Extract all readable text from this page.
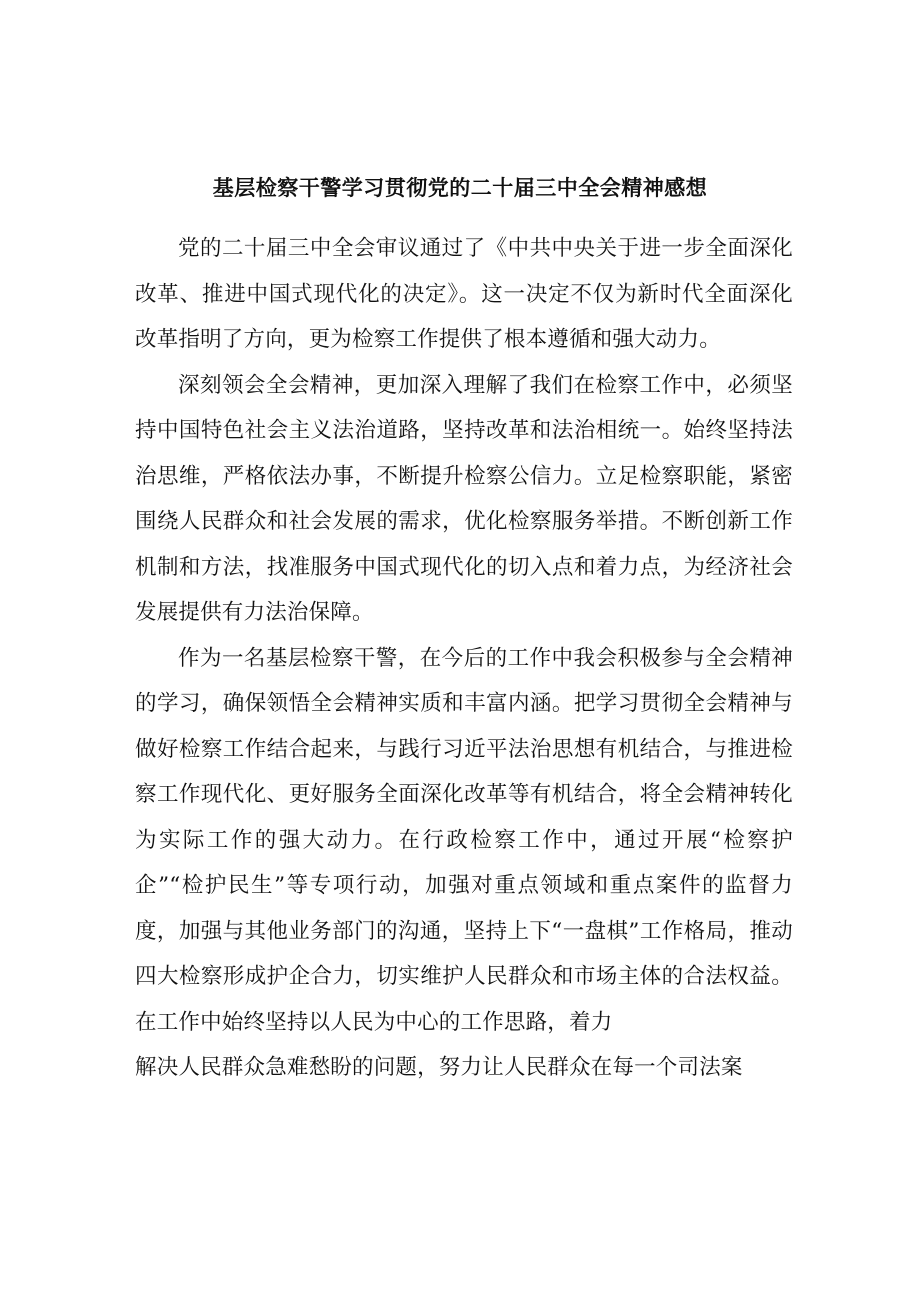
基层检察干警学习贯彻党的二十届三中全会精神感想

党的二十届三中全会审议通过了《中共中央关于进一步全面深化改革、推进中国式现代化的决定》。这一决定不仅为新时代全面深化改革指明了方向，更为检察工作提供了根本遵循和强大动力。

深刻领会全会精神，更加深入理解了我们在检察工作中，必须坚持中国特色社会主义法治道路，坚持改革和法治相统一。始终坚持法治思维，严格依法办事，不断提升检察公信力。立足检察职能，紧密围绕人民群众和社会发展的需求，优化检察服务举措。不断创新工作机制和方法，找准服务中国式现代化的切入点和着力点，为经济社会发展提供有力法治保障。

作为一名基层检察干警，在今后的工作中我会积极参与全会精神的学习，确保领悟全会精神实质和丰富内涵。把学习贯彻全会精神与做好检察工作结合起来，与践行习近平法治思想有机结合，与推进检察工作现代化、更好服务全面深化改革等有机结合，将全会精神转化为实际工作的强大动力。在行政检察工作中，通过开展“检察护企”“检护民生”等专项行动，加强对重点领域和重点案件的监督力度，加强与其他业务部门的沟通，坚持上下“一盘棋”工作格局，推动四大检察形成护企合力，切实维护人民群众和市场主体的合法权益。在工作中始终坚持以人民为中心的工作思路，着力

解决人民群众急难愁盼的问题，努力让人民群众在每一个司法案
